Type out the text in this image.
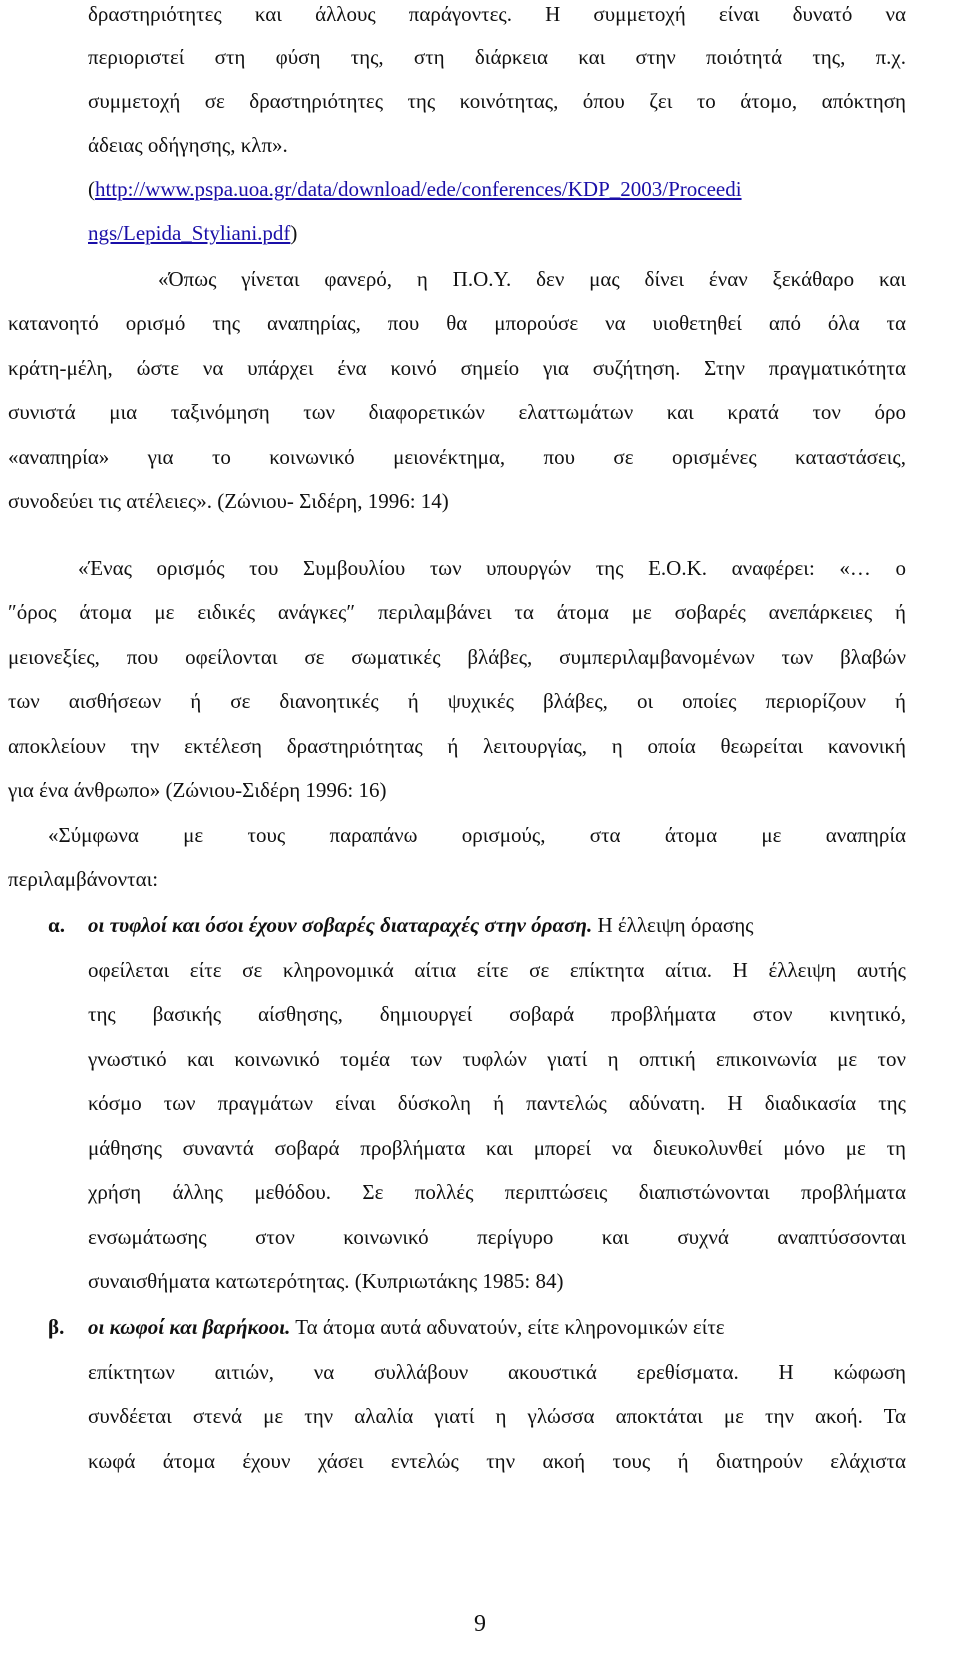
δραστηριότητες και άλλους παράγοντες. Η συμμετοχή είναι δυνατό να
περιοριστεί στη φύση της, στη διάρκεια και στην ποιότητά της, π.χ.
συμμετοχή σε δραστηριότητες της κοινότητας, όπου ζει το άτομο, απόκτηση
άδειας οδήγησης, κλπ».
(http://www.pspa.uoa.gr/data/download/ede/conferences/KDP_2003/Proceedi
ngs/Lepida_Styliani.pdf)
«Όπως γίνεται φανερό, η Π.Ο.Υ. δεν μας δίνει έναν ξεκάθαρο και
κατανοητό ορισμό της αναπηρίας, που θα μπορούσε να υιοθετηθεί από όλα τα
κράτη-μέλη, ώστε να υπάρχει ένα κοινό σημείο για συζήτηση. Στην πραγματικότητα
συνιστά μια ταξινόμηση των διαφορετικών ελαττωμάτων και κρατά τον όρο
«αναπηρία» για το κοινωνικό μειονέκτημα, που σε ορισμένες καταστάσεις,
συνοδεύει τις ατέλειες». (Ζώνιου- Σιδέρη, 1996: 14)
«Ένας ορισμός του Συμβουλίου των υπουργών της Ε.Ο.Κ. αναφέρει: «… ο
″όρος άτομα με ειδικές ανάγκες″ περιλαμβάνει τα άτομα με σοβαρές ανεπάρκειες ή
μειονεξίες, που οφείλονται σε σωματικές βλάβες, συμπεριλαμβανομένων των βλαβών
των αισθήσεων ή σε διανοητικές ή ψυχικές βλάβες, οι οποίες περιορίζουν ή
αποκλείουν την εκτέλεση δραστηριότητας ή λειτουργίας, η οποία θεωρείται κανονική
για ένα άνθρωπο» (Ζώνιου-Σιδέρη 1996: 16)
«Σύμφωνα με τους παραπάνω ορισμούς, στα άτομα με αναπηρία
περιλαμβάνονται:
α. οι τυφλοί και όσοι έχουν σοβαρές διαταραχές στην όραση. Η έλλειψη όρασης
οφείλεται είτε σε κληρονομικά αίτια είτε σε επίκτητα αίτια. Η έλλειψη αυτής
της βασικής αίσθησης, δημιουργεί σοβαρά προβλήματα στον κινητικό,
γνωστικό και κοινωνικό τομέα των τυφλών γιατί η οπτική επικοινωνία με τον
κόσμο των πραγμάτων είναι δύσκολη ή παντελώς αδύνατη. Η διαδικασία της
μάθησης συναντά σοβαρά προβλήματα και μπορεί να διευκολυνθεί μόνο με τη
χρήση άλλης μεθόδου. Σε πολλές περιπτώσεις διαπιστώνονται προβλήματα
ενσωμάτωσης στον κοινωνικό περίγυρο και συχνά αναπτύσσονται
συναισθήματα κατωτερότητας. (Κυπριωτάκης 1985: 84)
β. οι κωφοί και βαρήκοοι. Τα άτομα αυτά αδυνατούν, είτε κληρονομικών είτε
επίκτητων αιτιών, να συλλάβουν ακουστικά ερεθίσματα. Η κώφωση
συνδέεται στενά με την αλαλία γιατί η γλώσσα αποκτάται με την ακοή. Τα
κωφά άτομα έχουν χάσει εντελώς την ακοή τους ή διατηρούν ελάχιστα
9
